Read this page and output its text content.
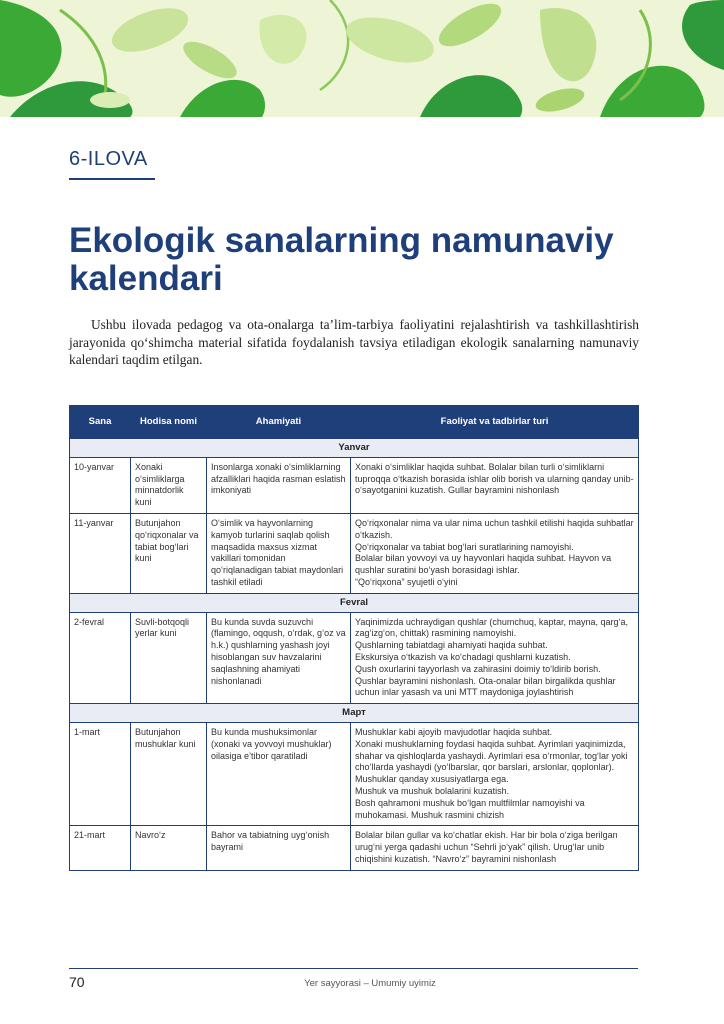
6-ILOVA
Ekologik sanalarning namunaviy kalendari

Ushbu ilovada pedagog va ota-onalarga ta’lim-tarbiya faoliyatini rejalashtirish va tashkillashtirish jarayonida qo‘shimcha material sifatida foydalanish tavsiya etiladigan ekologik sanalarning namunaviy kalendari taqdim etilgan.

Sana	Hodisa nomi	Ahamiyati	Faoliyat va tadbirlar turi
Yanvar			
10-yanvar	Xonaki o‘simliklarga minnatdorlik kuni	Insonlarga xonaki o‘simliklarning afzalliklari haqida rasman eslatish imkoniyati	Xonaki o‘simliklar haqida suhbat. Bolalar bilan turli o‘simliklarni tuproqqa o‘tkazish borasida ishlar olib borish va ularning qanday unib-o‘sayotganini kuzatish. Gullar bayramini nishonlash

11-yanvar	Butunjahon qo‘riqxonalar va tabiat bog‘lari kuni	O‘simlik va hayvonlarning kamyob turlarini saqlab qolish maqsadida maxsus xizmat vakillari tomonidan qo‘riqlanadigan tabiat maydonlari tashkil etiladi	Qo‘riqxonalar nima va ular nima uchun tashkil etilishi haqida suhbatlar o‘tkazish.
Qo‘riqxonalar va tabiat bog‘lari suratlarining namoyishi.
Bolalar bilan yovvoyi va uy hayvonlari haqida suhbat. Hayvon va qushlar suratini bo‘yash borasidagi ishlar.
“Qo‘riqxona” syujetli o‘yini

Fevral			
2-fevral	Suvli-botqoqli yerlar kuni	Bu kunda suvda suzuvchi (flamingo, oqqush, o‘rdak, g‘oz va h.k.) qushlarning yashash joyi hisoblangan suv havzalarini saqlashning ahamiyati nishonlanadi	Yaqinimizda uchraydigan qushlar (chumchuq, kaptar, mayna, qarg‘a, zag‘izg‘on, chittak) rasmining namoyishi.
Qushlarning tabiatdagi ahamiyati haqida suhbat.
Ekskursiya o‘tkazish va ko‘chadagi qushlarni kuzatish.
Qush oxurlarini tayyorlash va zahirasini doimiy to‘ldirib borish.
Qushlar bayramini nishonlash. Ota-onalar bilan birgalikda qushlar uchun inlar yasash va uni MTT maydoniga joylashtirish

Март			
1-mart	Butunjahon mushuklar kuni	Bu kunda mushuksimonlar (xonaki va yovvoyi mushuklar) oilasiga e’tibor qaratiladi	Mushuklar kabi ajoyib mavjudotlar haqida suhbat.
Xonaki mushuklarning foydasi haqida suhbat. Ayrimlari yaqinimizda, shahar va qishloqlarda yashaydi. Ayrimlari esa o‘rmonlar, tog‘lar yoki cho‘llarda yashaydi (yo‘lbarslar, qor barslari, arslonlar, qoplonlar).
Mushuklar qanday xususiyatlarga ega.
Mushuk va mushuk bolalarini kuzatish.
Bosh qahramoni mushuk bo‘lgan multfilmlar namoyishi va muhokamasi. Mushuk rasmini chizish

21-mart	Navro‘z	Bahor va tabiatning uyg‘onish bayrami	Bolalar bilan gullar va ko‘chatlar ekish. Har bir bola o‘ziga berilgan urug‘ni yerga qadashi uchun “Sehrli jo‘yak” qilish. Urug‘lar unib chiqishini kuzatish. “Navro‘z” bayramini nishonlash
70	Yer sayyorasi – Umumiy uyimiz
